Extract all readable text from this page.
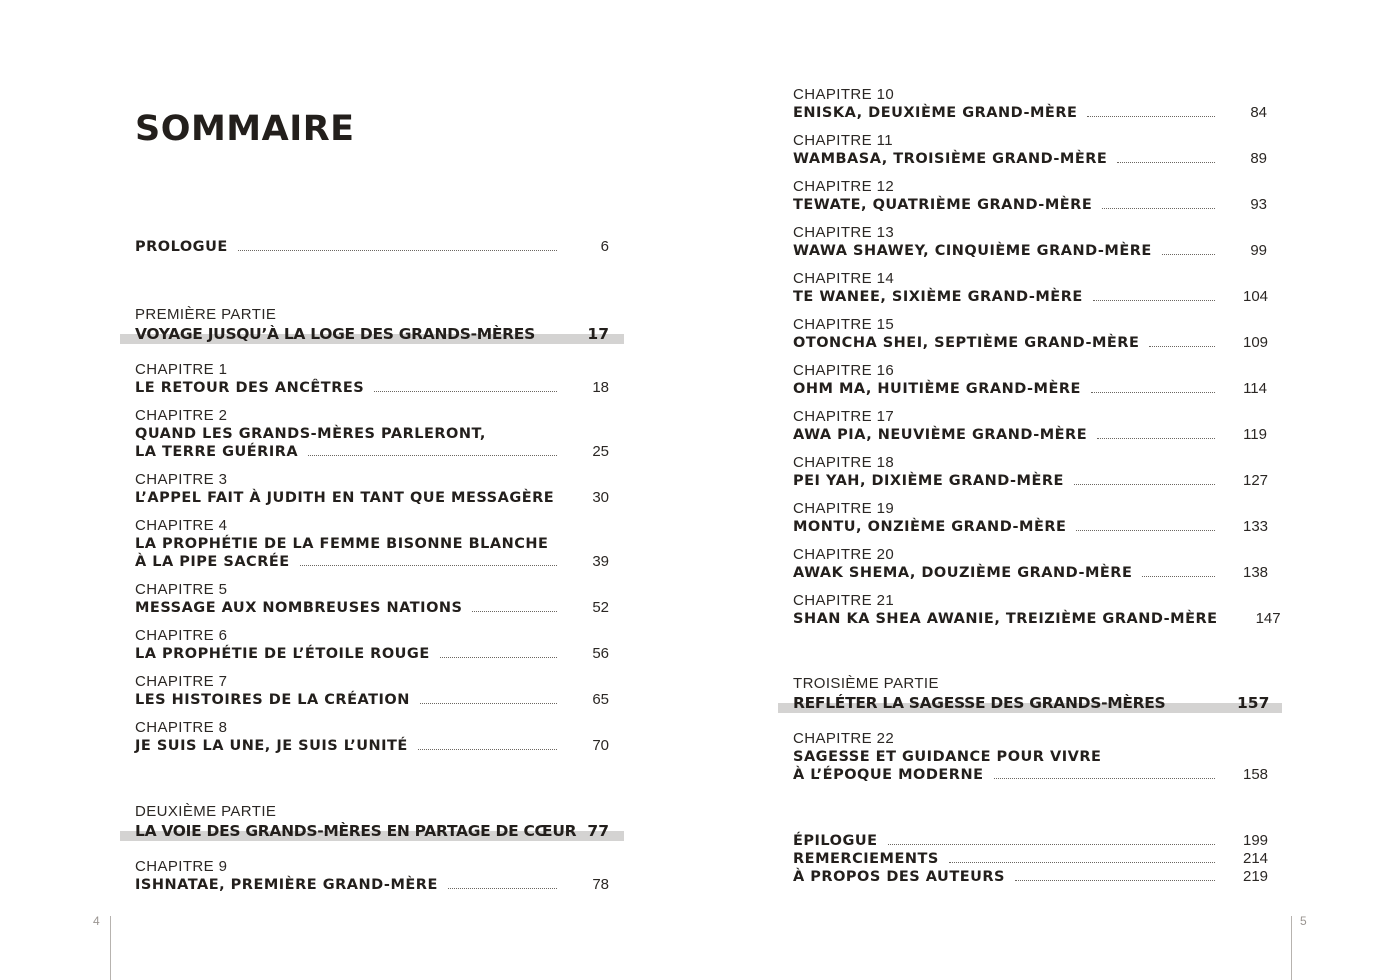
SOMMAIRE
PROLOGUE	6
PREMIÈRE PARTIE
VOYAGE JUSQU’À LA LOGE DES GRANDS-MÈRES	17
CHAPITRE 1
LE RETOUR DES ANCÊTRES	18
CHAPITRE 2
QUAND LES GRANDS-MÈRES PARLERONT,
LA TERRE GUÉRIRA	25
CHAPITRE 3
L’APPEL FAIT À JUDITH EN TANT QUE MESSAGÈRE	30
CHAPITRE 4
LA PROPHÉTIE DE LA FEMME BISONNE BLANCHE
À LA PIPE SACRÉE	39
CHAPITRE 5
MESSAGE AUX NOMBREUSES NATIONS	52
CHAPITRE 6
LA PROPHÉTIE DE L’ÉTOILE ROUGE	56
CHAPITRE 7
LES HISTOIRES DE LA CRÉATION	65
CHAPITRE 8
JE SUIS LA UNE, JE SUIS L’UNITÉ	70
DEUXIÈME PARTIE
LA VOIE DES GRANDS-MÈRES EN PARTAGE DE CŒUR 77
CHAPITRE 9
ISHNATAE, PREMIÈRE GRAND-MÈRE	78
4
CHAPITRE 10
ENISKA, DEUXIÈME GRAND-MÈRE	84
CHAPITRE 11
WAMBASA, TROISIÈME GRAND-MÈRE	89
CHAPITRE 12
TEWATE, QUATRIÈME GRAND-MÈRE	93
CHAPITRE 13
WAWA SHAWEY, CINQUIÈME GRAND-MÈRE	99
CHAPITRE 14
TE WANEE, SIXIÈME GRAND-MÈRE	104
CHAPITRE 15
OTONCHA SHEI, SEPTIÈME GRAND-MÈRE	109
CHAPITRE 16
OHM MA, HUITIÈME GRAND-MÈRE	114
CHAPITRE 17
AWA PIA, NEUVIÈME GRAND-MÈRE	119
CHAPITRE 18
PEI YAH, DIXIÈME GRAND-MÈRE	127
CHAPITRE 19
MONTU, ONZIÈME GRAND-MÈRE	133
CHAPITRE 20
AWAK SHEMA, DOUZIÈME GRAND-MÈRE	138
CHAPITRE 21
SHAN KA SHEA AWANIE, TREIZIÈME GRAND-MÈRE	147
TROISIÈME PARTIE
REFLÉTER LA SAGESSE DES GRANDS-MÈRES	157
CHAPITRE 22
SAGESSE ET GUIDANCE POUR VIVRE
À L’ÉPOQUE MODERNE	158
ÉPILOGUE	199
REMERCIEMENTS	214
À PROPOS DES AUTEURS	219
5
